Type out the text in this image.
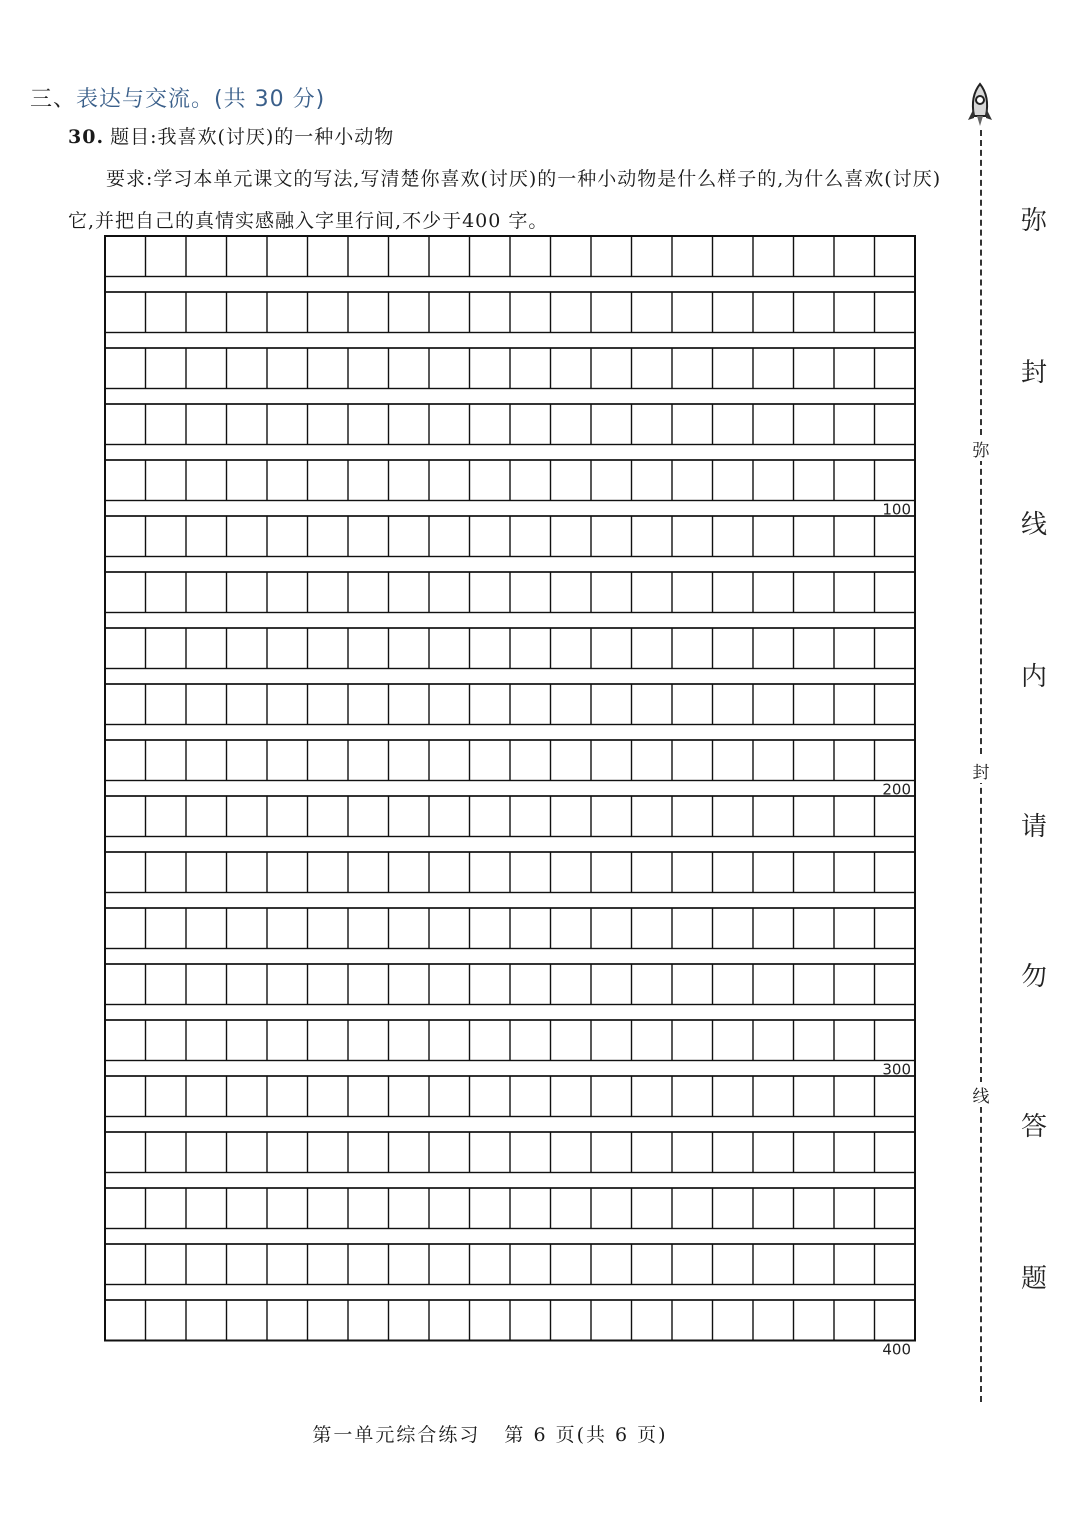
三、表达与交流。(共 30 分)
30. 题目:我喜欢(讨厌)的一种小动物
要求:学习本单元课文的写法,写清楚你喜欢(讨厌)的一种小动物是什么样子的,为什么喜欢(讨厌)它,并把自己的真情实感融入字里行间,不少于400 字。
100
200
300
400
弥
封
线
弥
封
线
内
请
勿
答
题
第一单元综合练习 第 6 页(共 6 页)
